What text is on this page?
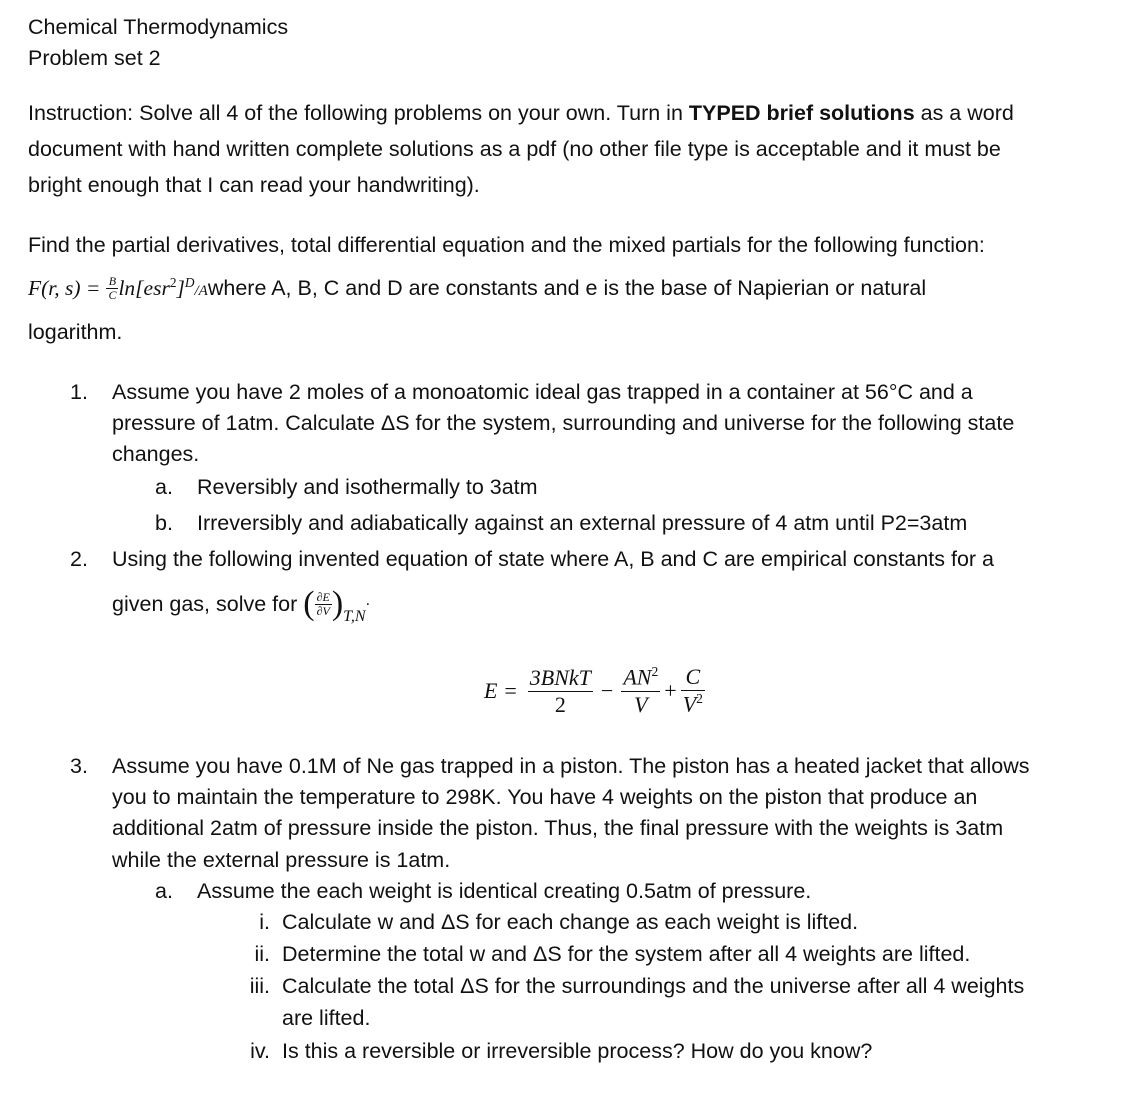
Chemical Thermodynamics
Problem set 2
Instruction: Solve all 4 of the following problems on your own. Turn in TYPED brief solutions as a word
document with hand written complete solutions as a pdf (no other file type is acceptable and it must be
bright enough that I can read your handwriting).
Find the partial derivatives, total differential equation and the mixed partials for the following function:
F(r, $s) = \frac{B}{C} \ln[esr^2]^D/A$ where A, B, C and D are constants and e is the base of Napierian or natural
logarithm.
1. Assume you have 2 moles of a monoatomic ideal gas trapped in a container at 56°C and a
pressure of 1atm. Calculate ΔS for the system, surrounding and universe for the following state
changes.
a. Reversibly and isothermally to 3atm
b. Irreversibly and adiabatically against an external pressure of 4 atm until P2=3atm
2. Using the following invented equation of state where A, B and C are empirical constants for a
given gas, solve for ( $\frac{\partial E}{\partial V}$ ) T,N
.
$E = \frac{\text{3BNkT}}{2} - \frac{AN^2}{V} + \frac{C}{V^2}$
3. Assume you have 0.1M of Ne gas trapped in a piston. The piston has a heated jacket that allows
you to maintain the temperature to 298K. You have 4 weights on the piston that produce an
additional 2atm of pressure inside the piston. Thus, the final pressure with the weights is 3atm
while the external pressure is 1atm.
a. Assume the each weight is identical creating 0.5atm of pressure.
i. Calculate w and ΔS for each change as each weight is lifted.
ii. Determine the total w and ΔS for the system after all 4 weights are lifted.
iii. Calculate the total ΔS for the surroundings and the universe after all 4 weights
are lifted.
iv. Is this a reversible or irreversible process? How do you know?
